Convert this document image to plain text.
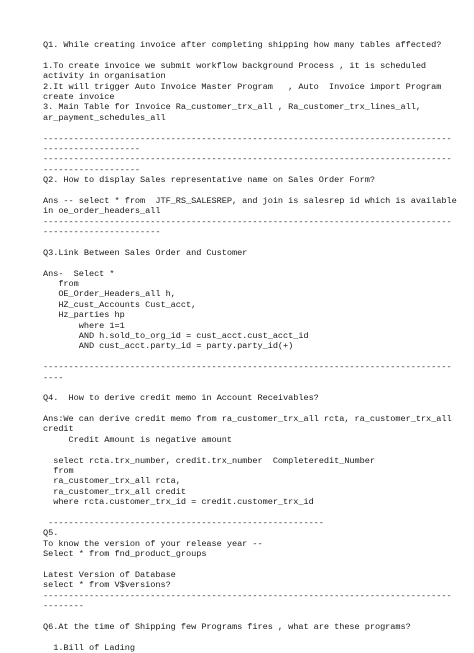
Q1. While creating invoice after completing shipping how many tables affected?
1.To create invoice we submit workflow background Process , it is scheduled
activity in organisation
2.It will trigger Auto Invoice Master Program   , Auto  Invoice import Program
create invoice
3. Main Table for Invoice Ra_customer_trx_all , Ra_customer_trx_lines_all,
ar_payment_schedules_all
--------------------------------------------------------------------------------
-------------------
--------------------------------------------------------------------------------
-------------------
Q2. How to display Sales representative name on Sales Order Form?
Ans -- select * from  JTF_RS_SALESREP, and join is salesrep id which is available
in oe_order_headers_all
--------------------------------------------------------------------------------
-----------------------
Q3.Link Between Sales Order and Customer
Ans-  Select *
from
OE_Order_Headers_all h,
HZ_cust_Accounts Cust_acct,
Hz_parties hp
where 1=1
AND h.sold_to_org_id = cust_acct.cust_acct_id
AND cust_acct.party_id = party.party_id(+)
--------------------------------------------------------------------------------
----
Q4.  How to derive credit memo in Account Receivables?
Ans:We can derive credit memo from ra_customer_trx_all rcta, ra_customer_trx_all
credit
Credit Amount is negative amount
select rcta.trx_number, credit.trx_number  Completeredit_Number
from
ra_customer_trx_all rcta,
ra_customer_trx_all credit
where rcta.customer_trx_id = credit.customer_trx_id
------------------------------------------------------
Q5.
To know the version of your release year --
Select * from fnd_product_groups
Latest Version of Database
select * from V$versions?
--------------------------------------------------------------------------------
--------
Q6.At the time of Shipping few Programs fires , what are these programs?
1.Bill of Lading
